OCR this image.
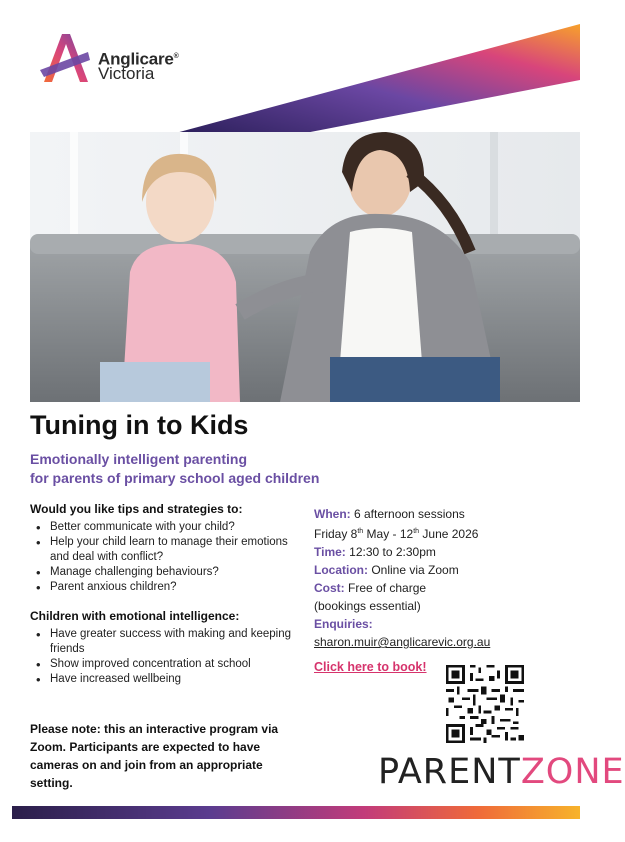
Anglicare®
Victoria
Tuning in to Kids
Emotionally intelligent parenting
for parents of primary school aged children
Would you like tips and strategies to:
• Better communicate with your child?
• Help your child learn to manage their emotions and deal with conflict?
• Manage challenging behaviours?
• Parent anxious children?
Children with emotional intelligence:
• Have greater success with making and keeping friends
• Show improved concentration at school
• Have increased wellbeing
Please note: this an interactive program via Zoom. Participants are expected to have cameras on and join from an appropriate setting.
When: 6 afternoon sessions
Friday 8th May - 12th June 2026
Time: 12:30 to 2:30pm
Location: Online via Zoom
Cost: Free of charge
(bookings essential)
Enquiries:
sharon.muir@anglicarevic.org.au
Click here to book!
PARENTZONE
